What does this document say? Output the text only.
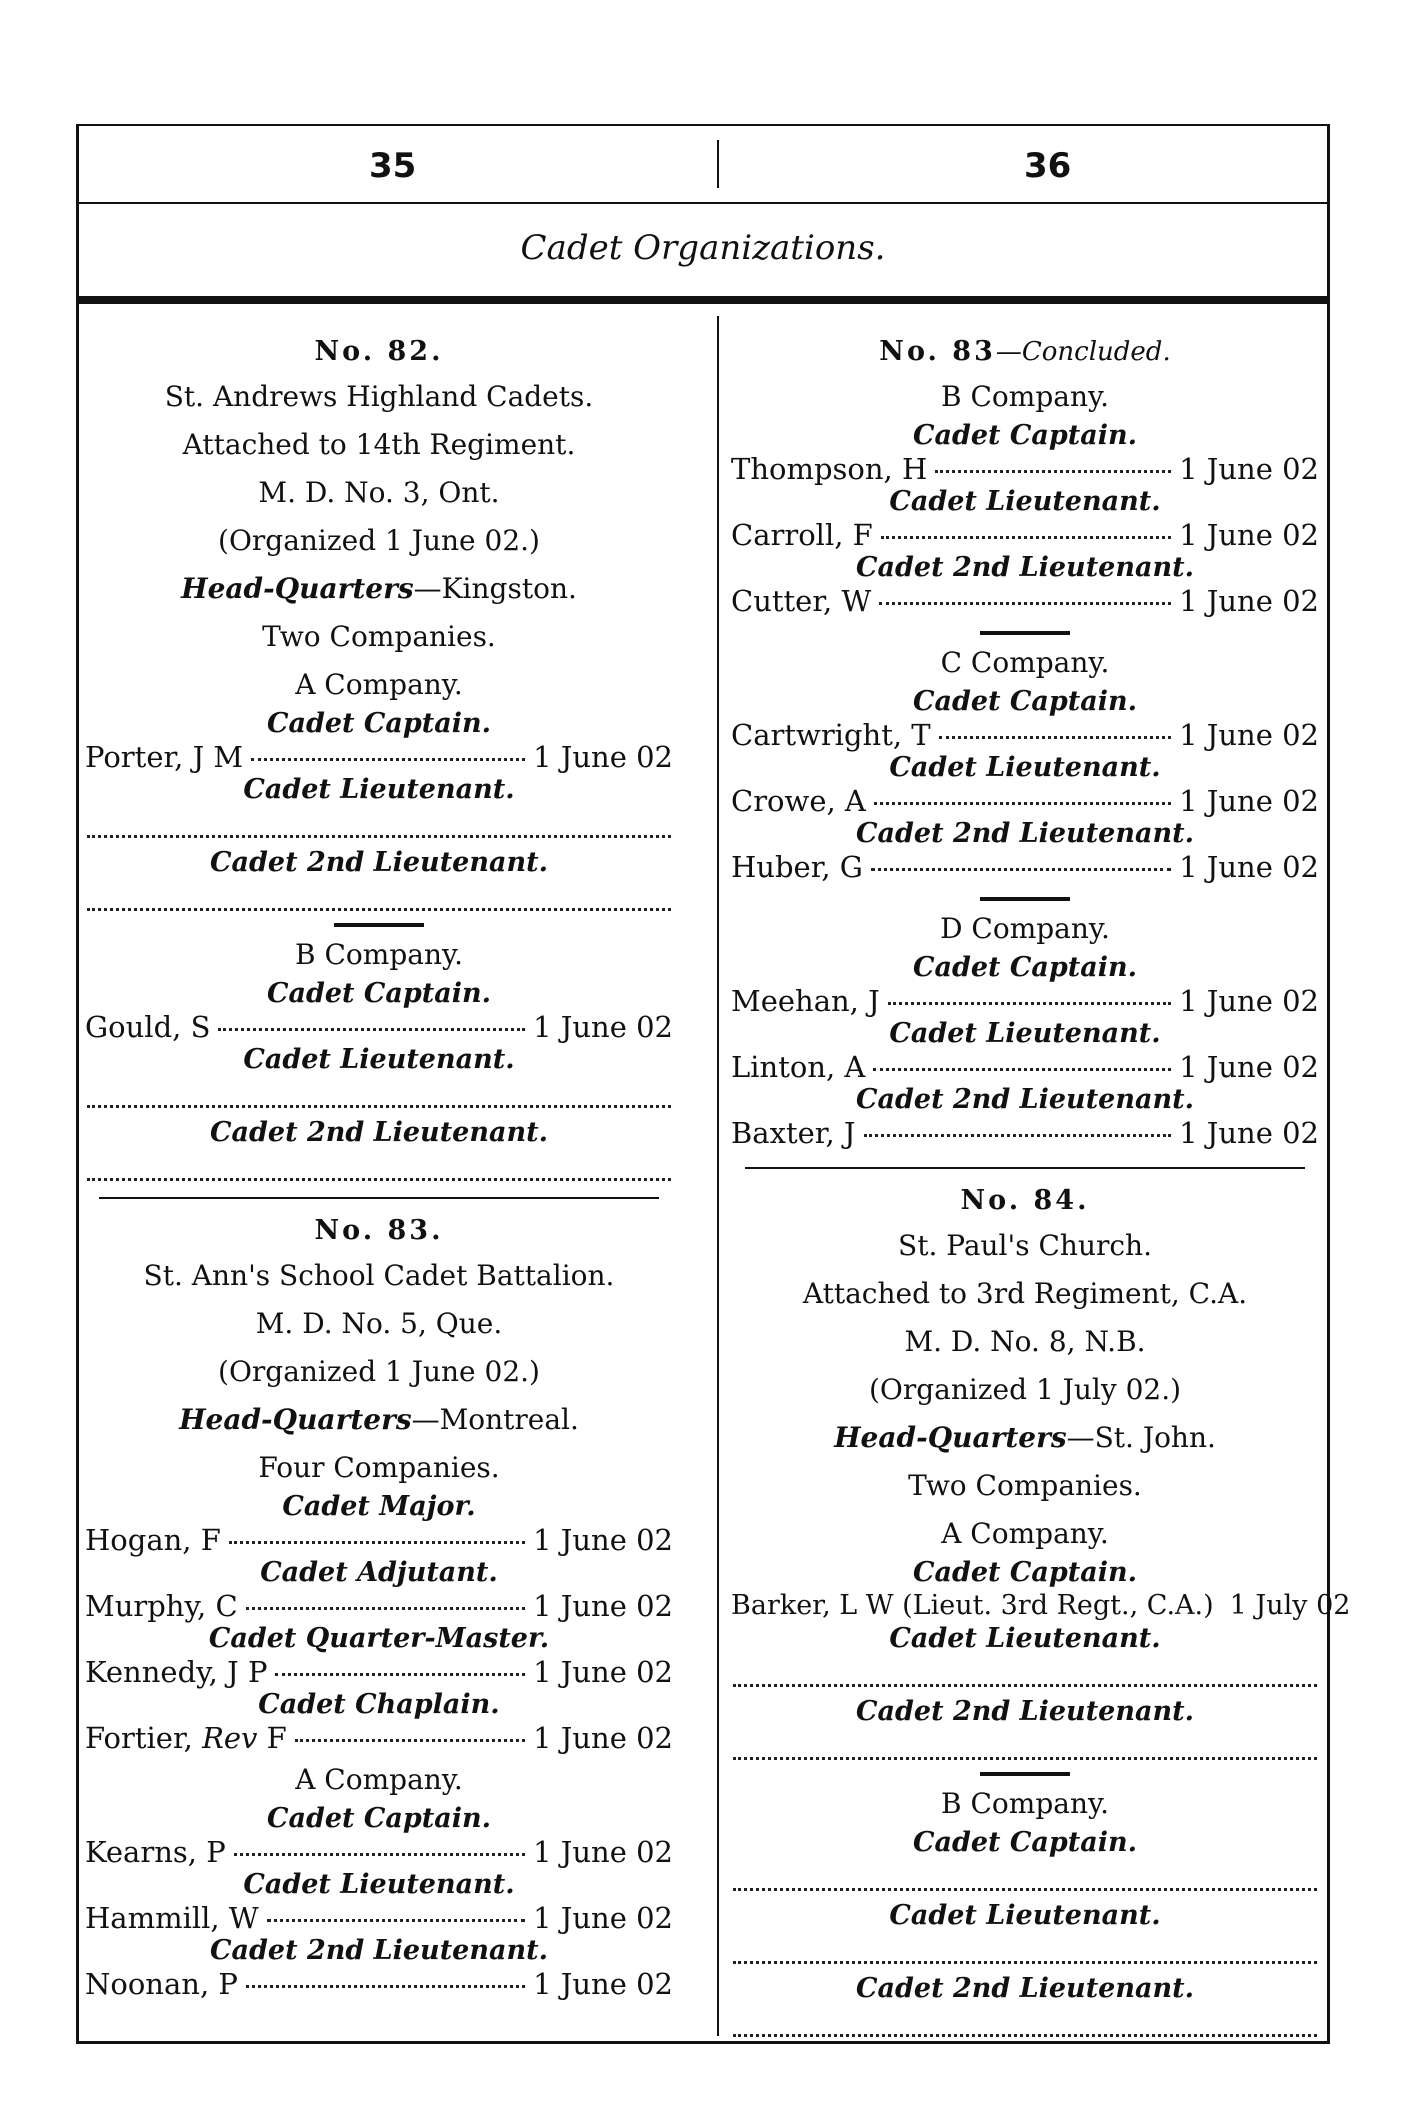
35	36
Cadet Organizations.
No. 82.
St. Andrews Highland Cadets.
Attached to 14th Regiment.
M. D. No. 3, Ont.
(Organized 1 June 02.)
Head-Quarters—Kingston.
Two Companies.
A Company.
Cadet Captain.
Porter, J M	1 June 02
Cadet Lieutenant.
Cadet 2nd Lieutenant.
B Company.
Cadet Captain.
Gould, S	1 June 02
Cadet Lieutenant.
Cadet 2nd Lieutenant.
No. 83.
St. Ann's School Cadet Battalion.
M. D. No. 5, Que.
(Organized 1 June 02.)
Head-Quarters—Montreal.
Four Companies.
Cadet Major.
Hogan, F	1 June 02
Cadet Adjutant.
Murphy, C	1 June 02
Cadet Quarter-Master.
Kennedy, J P	1 June 02
Cadet Chaplain.
Fortier, Rev F	1 June 02
A Company.
Cadet Captain.
Kearns, P	1 June 02
Cadet Lieutenant.
Hammill, W	1 June 02
Cadet 2nd Lieutenant.
Noonan, P	1 June 02
No. 83—Concluded.
B Company.
Cadet Captain.
Thompson, H	1 June 02
Cadet Lieutenant.
Carroll, F	1 June 02
Cadet 2nd Lieutenant.
Cutter, W	1 June 02
C Company.
Cadet Captain.
Cartwright, T	1 June 02
Cadet Lieutenant.
Crowe, A	1 June 02
Cadet 2nd Lieutenant.
Huber, G	1 June 02
D Company.
Cadet Captain.
Meehan, J	1 June 02
Cadet Lieutenant.
Linton, A	1 June 02
Cadet 2nd Lieutenant.
Baxter, J	1 June 02
No. 84.
St. Paul's Church.
Attached to 3rd Regiment, C.A.
M. D. No. 8, N.B.
(Organized 1 July 02.)
Head-Quarters—St. John.
Two Companies.
A Company.
Cadet Captain.
Barker, L W (Lieut. 3rd Regt., C.A.) 1 July 02
Cadet Lieutenant.
Cadet 2nd Lieutenant.
B Company.
Cadet Captain.
Cadet Lieutenant.
Cadet 2nd Lieutenant.
